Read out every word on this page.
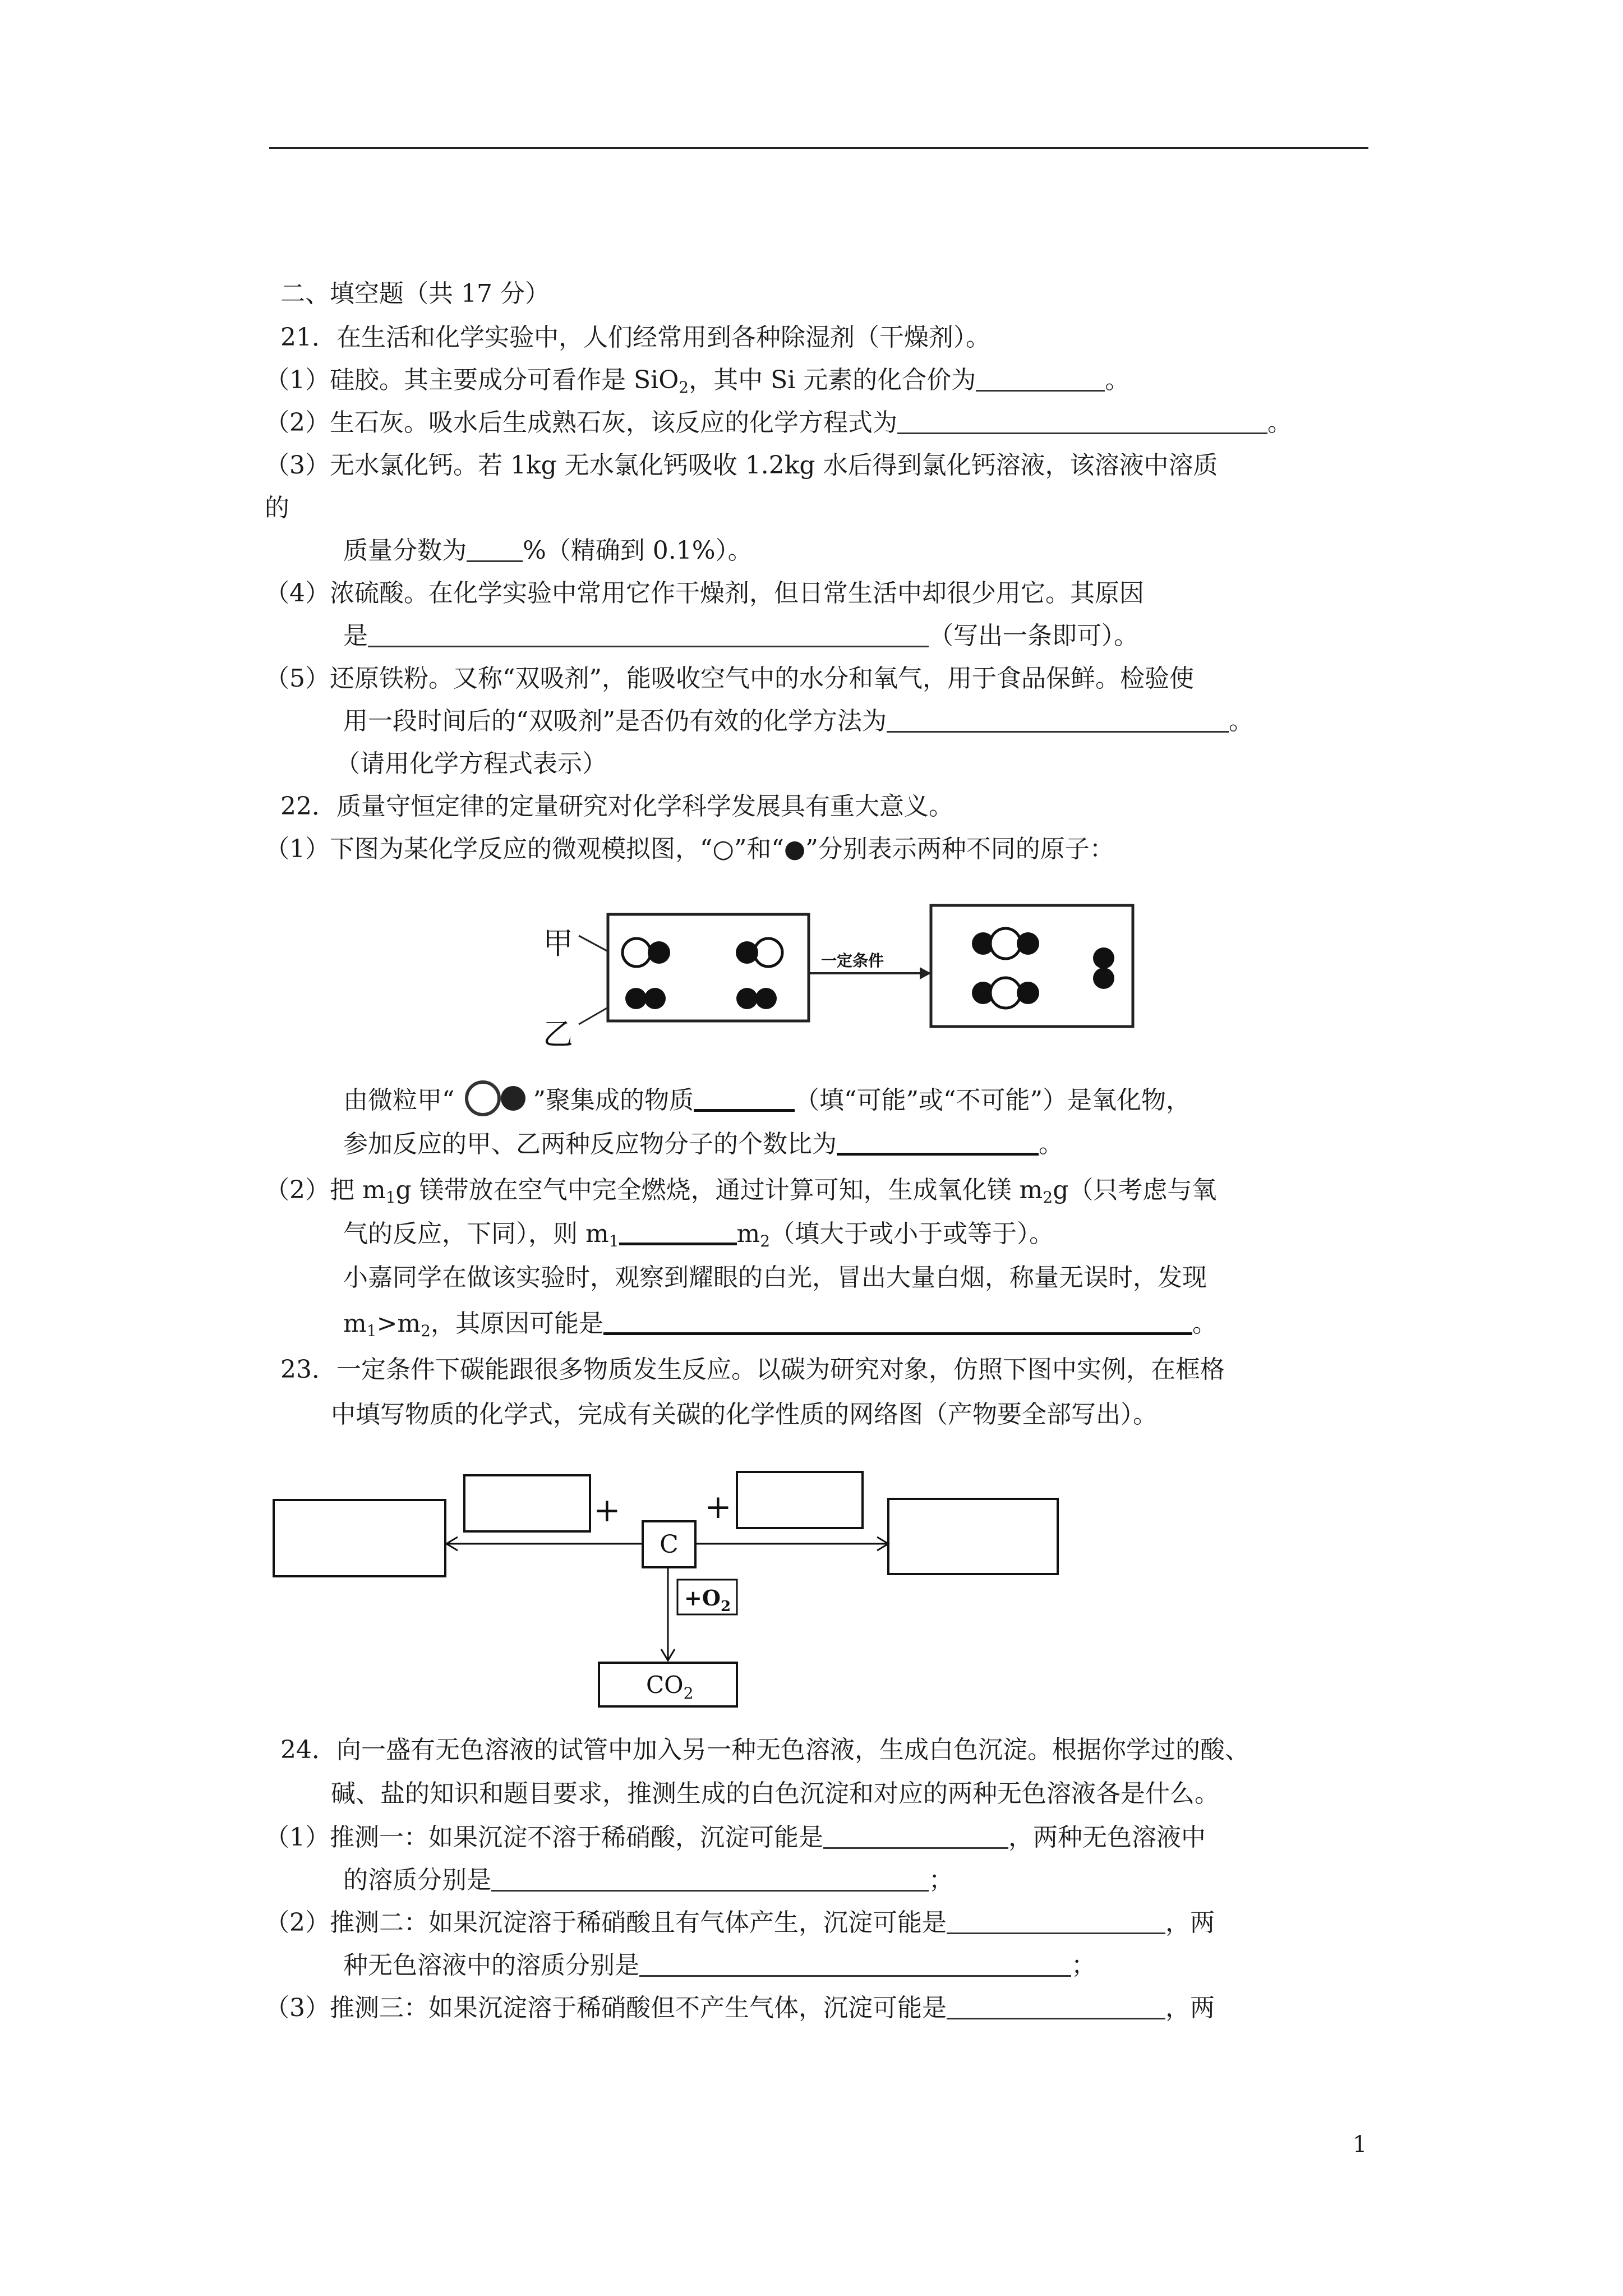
二、填空题（共 17 分）
21．在生活和化学实验中，人们经常用到各种除湿剂（干燥剂）。
（1）硅胶。其主要成分可看作是 SiO$_2$，其中 Si 元素的化合价为	。
（2）生石灰。吸水后生成熟石灰，该反应的化学方程式为	。
（3）无水氯化钙。若 1kg 无水氯化钙吸收 1.2kg 水后得到氯化钙溶液，该溶液中溶质
的
质量分数为 %（精确到 0.1%）。
（4）浓硫酸。在化学实验中常用它作干燥剂，但日常生活中却很少用它。其原因
是	（写出一条即可）。
（5）还原铁粉。又称“双吸剂”，能吸收空气中的水分和氧气，用于食品保鲜。检验使
用一段时间后的“双吸剂”是否仍有效的化学方法为	。
（请用化学方程式表示）
22．质量守恒定律的定量研究对化学科学发展具有重大意义。
（1）下图为某化学反应的微观模拟图，“○”和“●”分别表示两种不同的原子：
甲
乙
一定条件
由微粒甲“	”聚集成的物质	（填“可能”或“不可能”）是氧化物，
参加反应的甲、乙两种反应物分子的个数比为	。
（2）把 $m_1g$ 镁带放在空气中完全燃烧，通过计算可知，生成氧化镁 $m_2g$（只考虑与氧
气的反应，下同），则 $m_1$	$m_2$（填大于或小于或等于）。
小嘉同学在做该实验时，观察到耀眼的白光，冒出大量白烟，称量无误时，发现
$m_1>m_2$，其原因可能是	。
23．一定条件下碳能跟很多物质发生反应。以碳为研究对象，仿照下图中实例，在框格
中填写物质的化学式，完成有关碳的化学性质的网络图（产物要全部写出）。
+	+
C
$+O_2$
$CO_2$
24．向一盛有无色溶液的试管中加入另一种无色溶液，生成白色沉淀。根据你学过的酸、
碱、盐的知识和题目要求，推测生成的白色沉淀和对应的两种无色溶液各是什么。
（1）推测一：如果沉淀不溶于稀硝酸，沉淀可能是	，两种无色溶液中
的溶质分别是	；
（2）推测二：如果沉淀溶于稀硝酸且有气体产生，沉淀可能是	，两
种无色溶液中的溶质分别是	；
（3）推测三：如果沉淀溶于稀硝酸但不产生气体，沉淀可能是	，两
1
